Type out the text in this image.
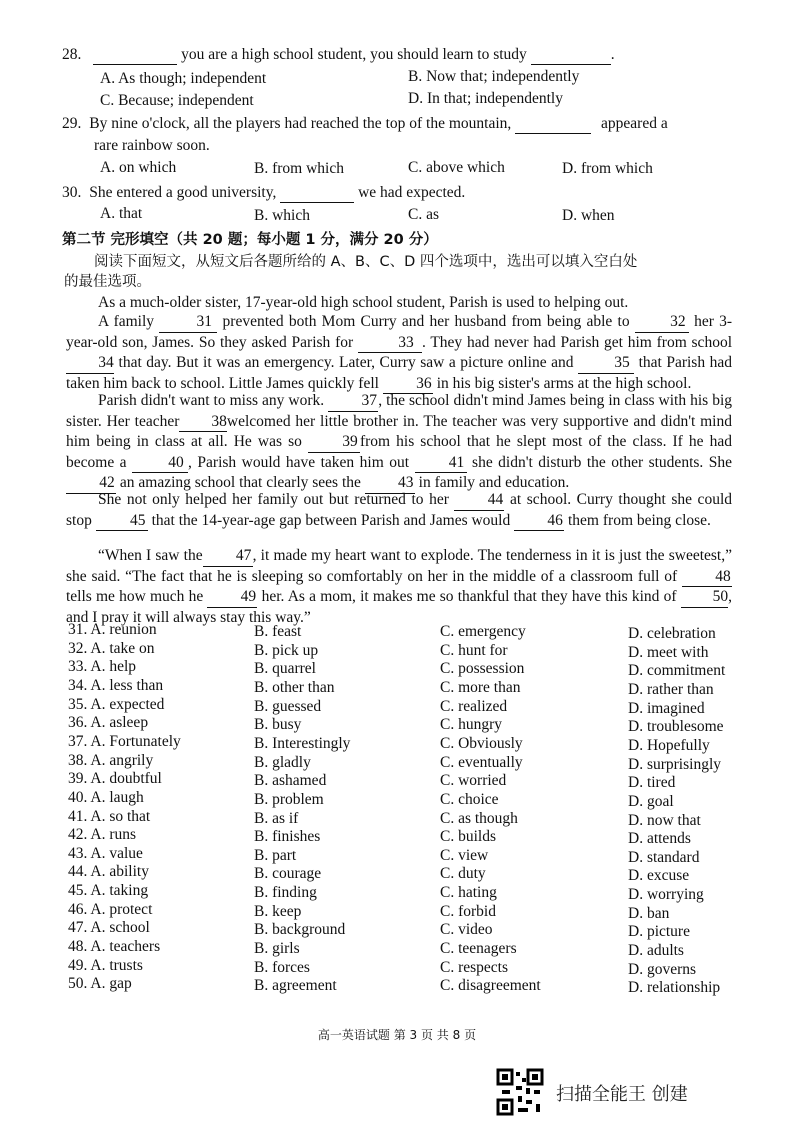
28.	you are a high school student, you should learn to study	.
A. As though; independent	B. Now that; independently
C. Because; independent	D. In that; independently
29. By nine o'clock, all the players had reached the top of the mountain,	appeared a
rare rainbow soon.
A. on which	B. from which	C. above which	D. from which
30. She entered a good university,	we had expected.
A. that	B. which	C. as	D. when
第二节 完形填空（共 20 题；每小题 1 分，满分 20 分）
阅读下面短文，从短文后各题所给的 A、B、C、D 四个选项中，选出可以填入空白处
的最佳选项。
As a much-older sister, 17-year-old high school student, Parish is used to helping out.
A family	31 prevented both Mom Curry and her husband from being able to	32 her 3-year-old son, James. So they asked Parish for	33 . They had never had Parish get him from school 34 that day. But it was an emergency. Later, Curry saw a picture online and	35 that Parish had taken him back to school. Little James quickly fell 36 in his big sister's arms at the high school.
Parish didn't want to miss any work. 37, the school didn't mind James being in class with his big sister. Her teacher 38welcomed her little brother in. The teacher was very supportive and didn't mind him being in class at all. He was so	39 from his school that he slept most of the class. If he had become a	40 , Parish would have taken him out	41 she didn't disturb the other students. She 42 an amazing school that clearly sees the 43 in family and education.
She not only helped her family out but returned to her	44 at school. Curry thought she could stop 45 that the 14-year-age gap between Parish and James would 46 them from being close.
“When I saw the 47, it made my heart want to explode. The tenderness in it is just the sweetest,” she said. “The fact that he is sleeping so comfortably on her in the middle of a classroom full of 48 tells me how much he 49 her. As a mom, it makes me so thankful that they have this kind of 50, and I pray it will always stay this way.”
31. A. reunion	B. feast	C. emergency	D. celebration
32. A. take on	B. pick up	C. hunt for	D. meet with
33. A. help	B. quarrel	C. possession	D. commitment
34. A. less than	B. other than	C. more than	D. rather than
35. A. expected	B. guessed	C. realized	D. imagined
36. A. asleep	B. busy	C. hungry	D. troublesome
37. A. Fortunately	B. Interestingly	C. Obviously	D. Hopefully
38. A. angrily	B. gladly	C. eventually	D. surprisingly
39. A. doubtful	B. ashamed	C. worried	D. tired
40. A. laugh	B. problem	C. choice	D. goal
41. A. so that	B. as if	C. as though	D. now that
42. A. runs	B. finishes	C. builds	D. attends
43. A. value	B. part	C. view	D. standard
44. A. ability	B. courage	C. duty	D. excuse
45. A. taking	B. finding	C. hating	D. worrying
46. A. protect	B. keep	C. forbid	D. ban
47. A. school	B. background	C. video	D. picture
48. A. teachers	B. girls	C. teenagers	D. adults
49. A. trusts	B. forces	C. respects	D. governs
50. A. gap	B. agreement	C. disagreement	D. relationship
高一英语试题 第 3 页 共 8 页
扫描全能王 创建
